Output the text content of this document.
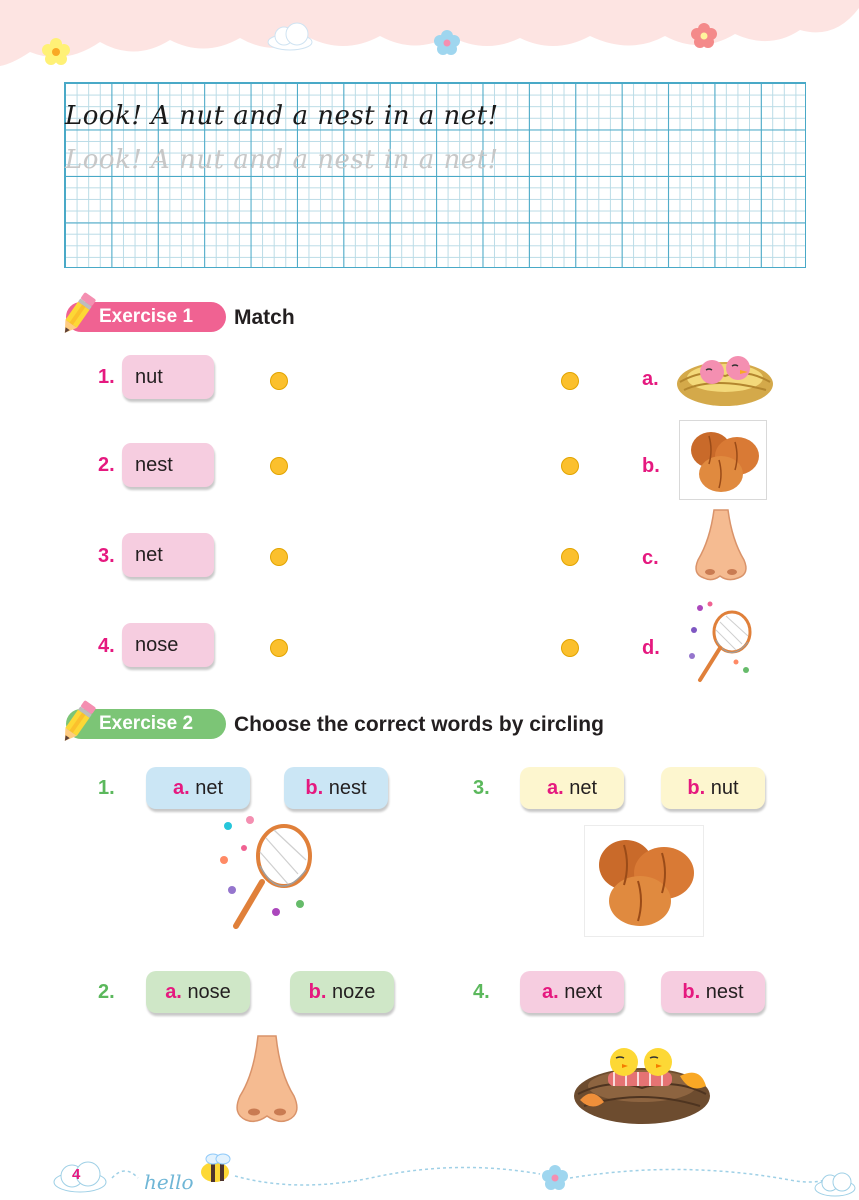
Look! A nut and a nest in a net!
Look! A nut and a nest in a net!
Exercise 1	Match
1.	nut	a.
2.	nest	b.
3.	net	c.
4.	nose	d.
Exercise 2	Choose the correct words by circling
1.	a. net	b. nest	3.	a. net	b. nut
2.	a. nose	b. noze	4.	a. next	b. nest
4	hello
